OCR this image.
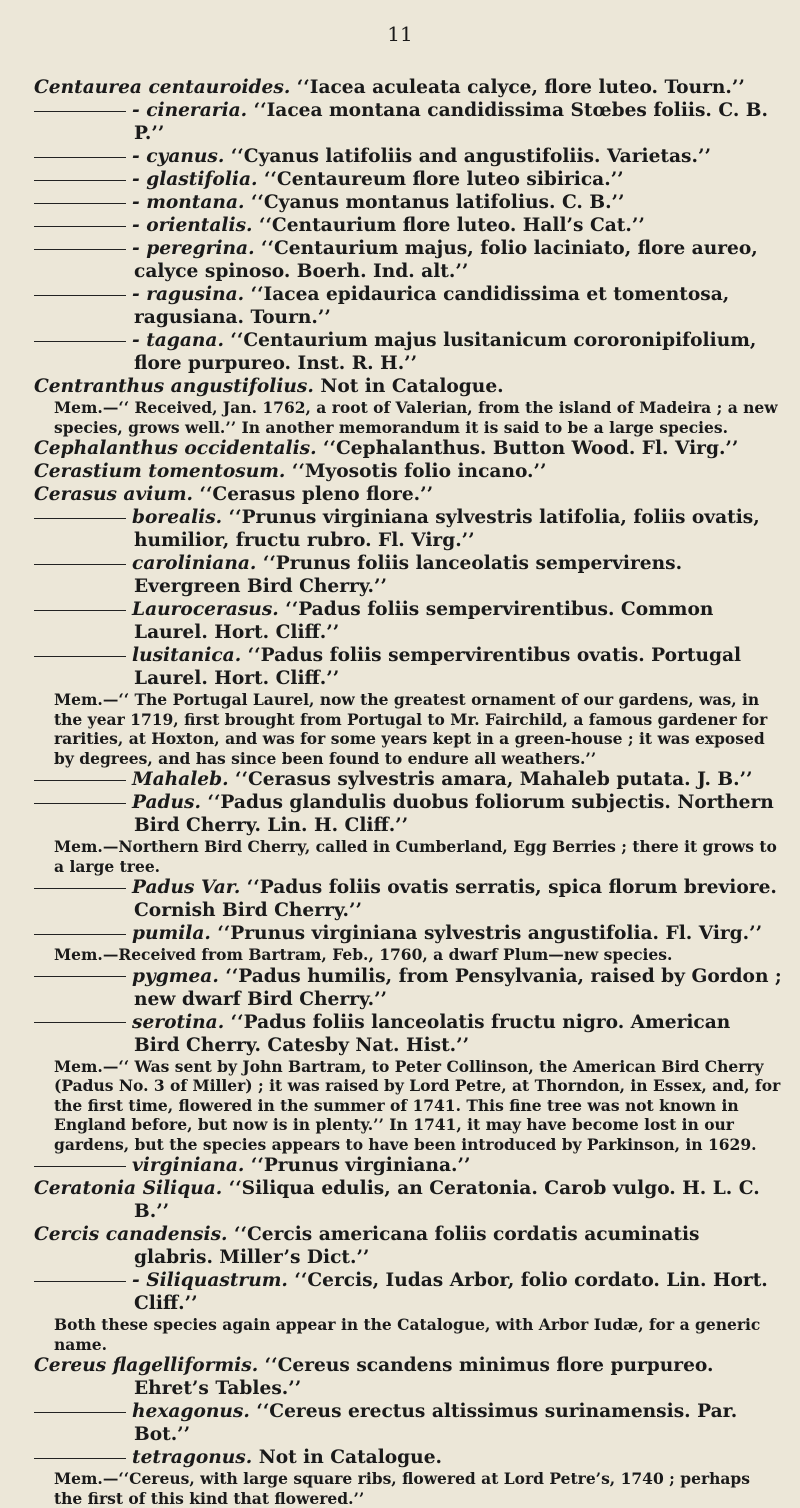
11
Centaurea centauroides. ‘‘Iacea aculeata calyce, flore luteo. Tourn.’’
- cineraria. ‘‘Iacea montana candidissima Stœbes foliis. C. B. P.’’
- cyanus. ‘‘Cyanus latifoliis and angustifoliis. Varietas.’’
- glastifolia. ‘‘Centaureum flore luteo sibirica.’’
- montana. ‘‘Cyanus montanus latifolius. C. B.’’
- orientalis. ‘‘Centaurium flore luteo. Hall’s Cat.’’
- peregrina. ‘‘Centaurium majus, folio laciniato, flore aureo, calyce spinoso. Boerh. Ind. alt.’’
- ragusina. ‘‘Iacea epidaurica candidissima et tomentosa, ragusiana. Tourn.’’
- tagana. ‘‘Centaurium majus lusitanicum cororonipifolium, flore purpureo. Inst. R. H.’’
Centranthus angustifolius. Not in Catalogue.
Mem.—‘‘ Received, Jan. 1762, a root of Valerian, from the island of Madeira ; a new species, grows well.’’ In another memorandum it is said to be a large species.
Cephalanthus occidentalis. ‘‘Cephalanthus. Button Wood. Fl. Virg.’’
Cerastium tomentosum. ‘‘Myosotis folio incano.’’
Cerasus avium. ‘‘Cerasus pleno flore.’’
borealis. ‘‘Prunus virginiana sylvestris latifolia, foliis ovatis, humilior, fructu rubro. Fl. Virg.’’
caroliniana. ‘‘Prunus foliis lanceolatis sempervirens. Evergreen Bird Cherry.’’
Laurocerasus. ‘‘Padus foliis sempervirentibus. Common Laurel. Hort. Cliff.’’
lusitanica. ‘‘Padus foliis sempervirentibus ovatis. Portugal Laurel. Hort. Cliff.’’
Mem.—‘‘ The Portugal Laurel, now the greatest ornament of our gardens, was, in the year 1719, first brought from Portugal to Mr. Fairchild, a famous gardener for rarities, at Hoxton, and was for some years kept in a green-house ; it was exposed by degrees, and has since been found to endure all weathers.’’
Mahaleb. ‘‘Cerasus sylvestris amara, Mahaleb putata. J. B.’’
Padus. ‘‘Padus glandulis duobus foliorum subjectis. Northern Bird Cherry. Lin. H. Cliff.’’
Mem.—Northern Bird Cherry, called in Cumberland, Egg Berries ; there it grows to a large tree.
Padus Var. ‘‘Padus foliis ovatis serratis, spica florum breviore. Cornish Bird Cherry.’’
pumila. ‘‘Prunus virginiana sylvestris angustifolia. Fl. Virg.’’
Mem.—Received from Bartram, Feb., 1760, a dwarf Plum—new species.
pygmea. ‘‘Padus humilis, from Pensylvania, raised by Gordon ; new dwarf Bird Cherry.’’
serotina. ‘‘Padus foliis lanceolatis fructu nigro. American Bird Cherry. Catesby Nat. Hist.’’
Mem.—‘‘ Was sent by John Bartram, to Peter Collinson, the American Bird Cherry (Padus No. 3 of Miller) ; it was raised by Lord Petre, at Thorndon, in Essex, and, for the first time, flowered in the summer of 1741. This fine tree was not known in England before, but now is in plenty.’’ In 1741, it may have become lost in our gardens, but the species appears to have been introduced by Parkinson, in 1629.
virginiana. ‘‘Prunus virginiana.’’
Ceratonia Siliqua. ‘‘Siliqua edulis, an Ceratonia. Carob vulgo. H. L. C. B.’’
Cercis canadensis. ‘‘Cercis americana foliis cordatis acuminatis glabris. Miller’s Dict.’’
- Siliquastrum. ‘‘Cercis, Iudas Arbor, folio cordato. Lin. Hort. Cliff.’’
Both these species again appear in the Catalogue, with Arbor Iudæ, for a generic name.
Cereus flagelliformis. ‘‘Cereus scandens minimus flore purpureo. Ehret’s Tables.’’
hexagonus. ‘‘Cereus erectus altissimus surinamensis. Par. Bot.’’
tetragonus. Not in Catalogue.
Mem.—‘‘Cereus, with large square ribs, flowered at Lord Petre’s, 1740 ; perhaps the first of this kind that flowered.’’
